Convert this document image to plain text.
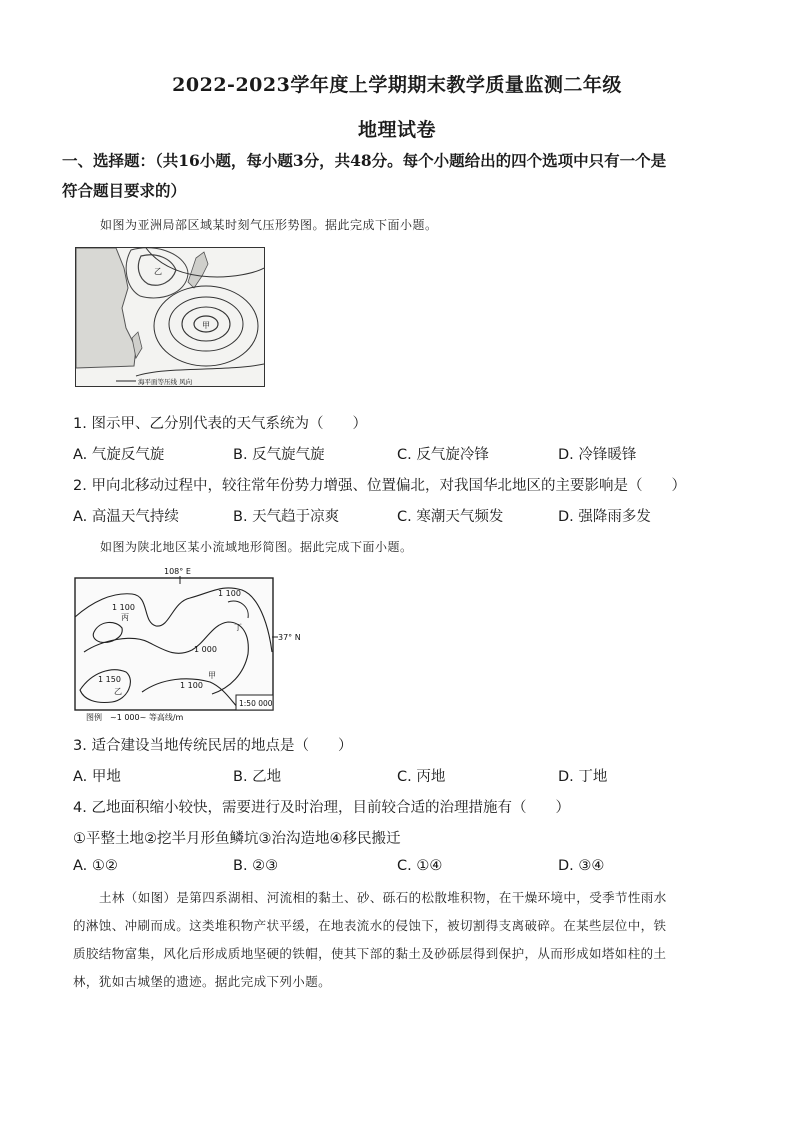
2022-2023学年度上学期期末教学质量监测二年级
地理试卷
一、选择题：（共16小题，每小题3分，共48分。每个小题给出的四个选项中只有一个是
符合题目要求的）
如图为亚洲局部区域某时刻气压形势图。据此完成下面小题。
甲
乙
海平面等压线 风向
1. 图示甲、乙分别代表的天气系统为（　　）
A. 气旋反气旋	B. 反气旋气旋	C. 反气旋冷锋	D. 冷锋暖锋
2. 甲向北移动过程中，较往常年份势力增强、位置偏北，对我国华北地区的主要影响是（　　）
A. 高温天气持续	B. 天气趋于凉爽	C. 寒潮天气频发	D. 强降雨多发
如图为陕北地区某小流域地形简图。据此完成下面小题。
108° E
37° N
1 100
丙
1 100
丁
1 000
1 150
乙
1 100
甲
1:50 000
图例　~1 000~ 等高线/m
3. 适合建设当地传统民居的地点是（　　）
A. 甲地	B. 乙地	C. 丙地	D. 丁地
4. 乙地面积缩小较快，需要进行及时治理，目前较合适的治理措施有（　　）
①平整土地②挖半月形鱼鳞坑③治沟造地④移民搬迁
A. ①②	B. ②③	C. ①④	D. ③④
土林（如图）是第四系湖相、河流相的黏土、砂、砾石的松散堆积物，在干燥环境中，受季节性雨水
的淋蚀、冲刷而成。这类堆积物产状平缓，在地表流水的侵蚀下，被切割得支离破碎。在某些层位中，铁
质胶结物富集，风化后形成质地坚硬的铁帽，使其下部的黏土及砂砾层得到保护，从而形成如塔如柱的土
林，犹如古城堡的遗迹。据此完成下列小题。
